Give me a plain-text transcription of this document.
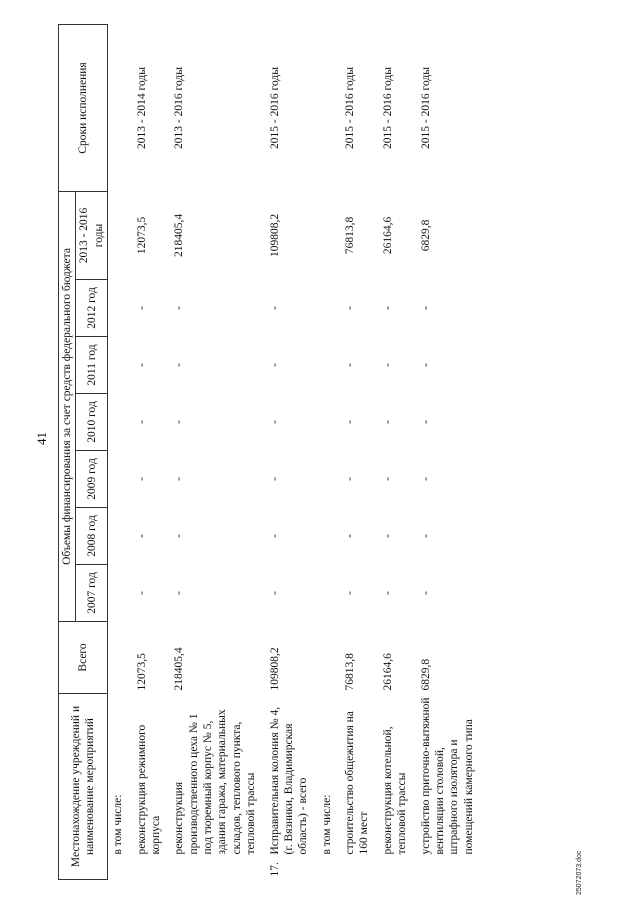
41
Местонахождение учреждений и наименование мероприятий		Всего	Объемы финансирования за счет средств федерального бюджета							Сроки исполнения
			2007 год	2008 год	2009 год	2010 год	2011 год	2012 год	2013 - 2016 годы	
	в том числе:									
	реконструкция режимного корпуса	12073,5	-	-	-	-	-	-	12073,5	2013 - 2014 годы
	реконструкция производственного цеха № 1 под тюремный корпус № 5, здания гаража, материальных складов, теплового пункта, тепловой трассы	218405,4	-	-	-	-	-	-	218405,4	2013 - 2016 годы
17.	Исправительная колония № 4, (г. Вязники, Владимирская область) - всего	109808,2	-	-	-	-	-	-	109808,2	2015 - 2016 годы
	в том числе:									
	строительство общежития на 160 мест	76813,8	-	-	-	-	-	-	76813,8	2015 - 2016 годы
	реконструкция котельной, тепловой трассы	26164,6	-	-	-	-	-	-	26164,6	2015 - 2016 годы
	устройство приточно-вытяжной вентиляции столовой, штрафного изолятора и помещений камерного типа	6829,8	-	-	-	-	-	-	6829,8	2015 - 2016 годы
25072073.doc
